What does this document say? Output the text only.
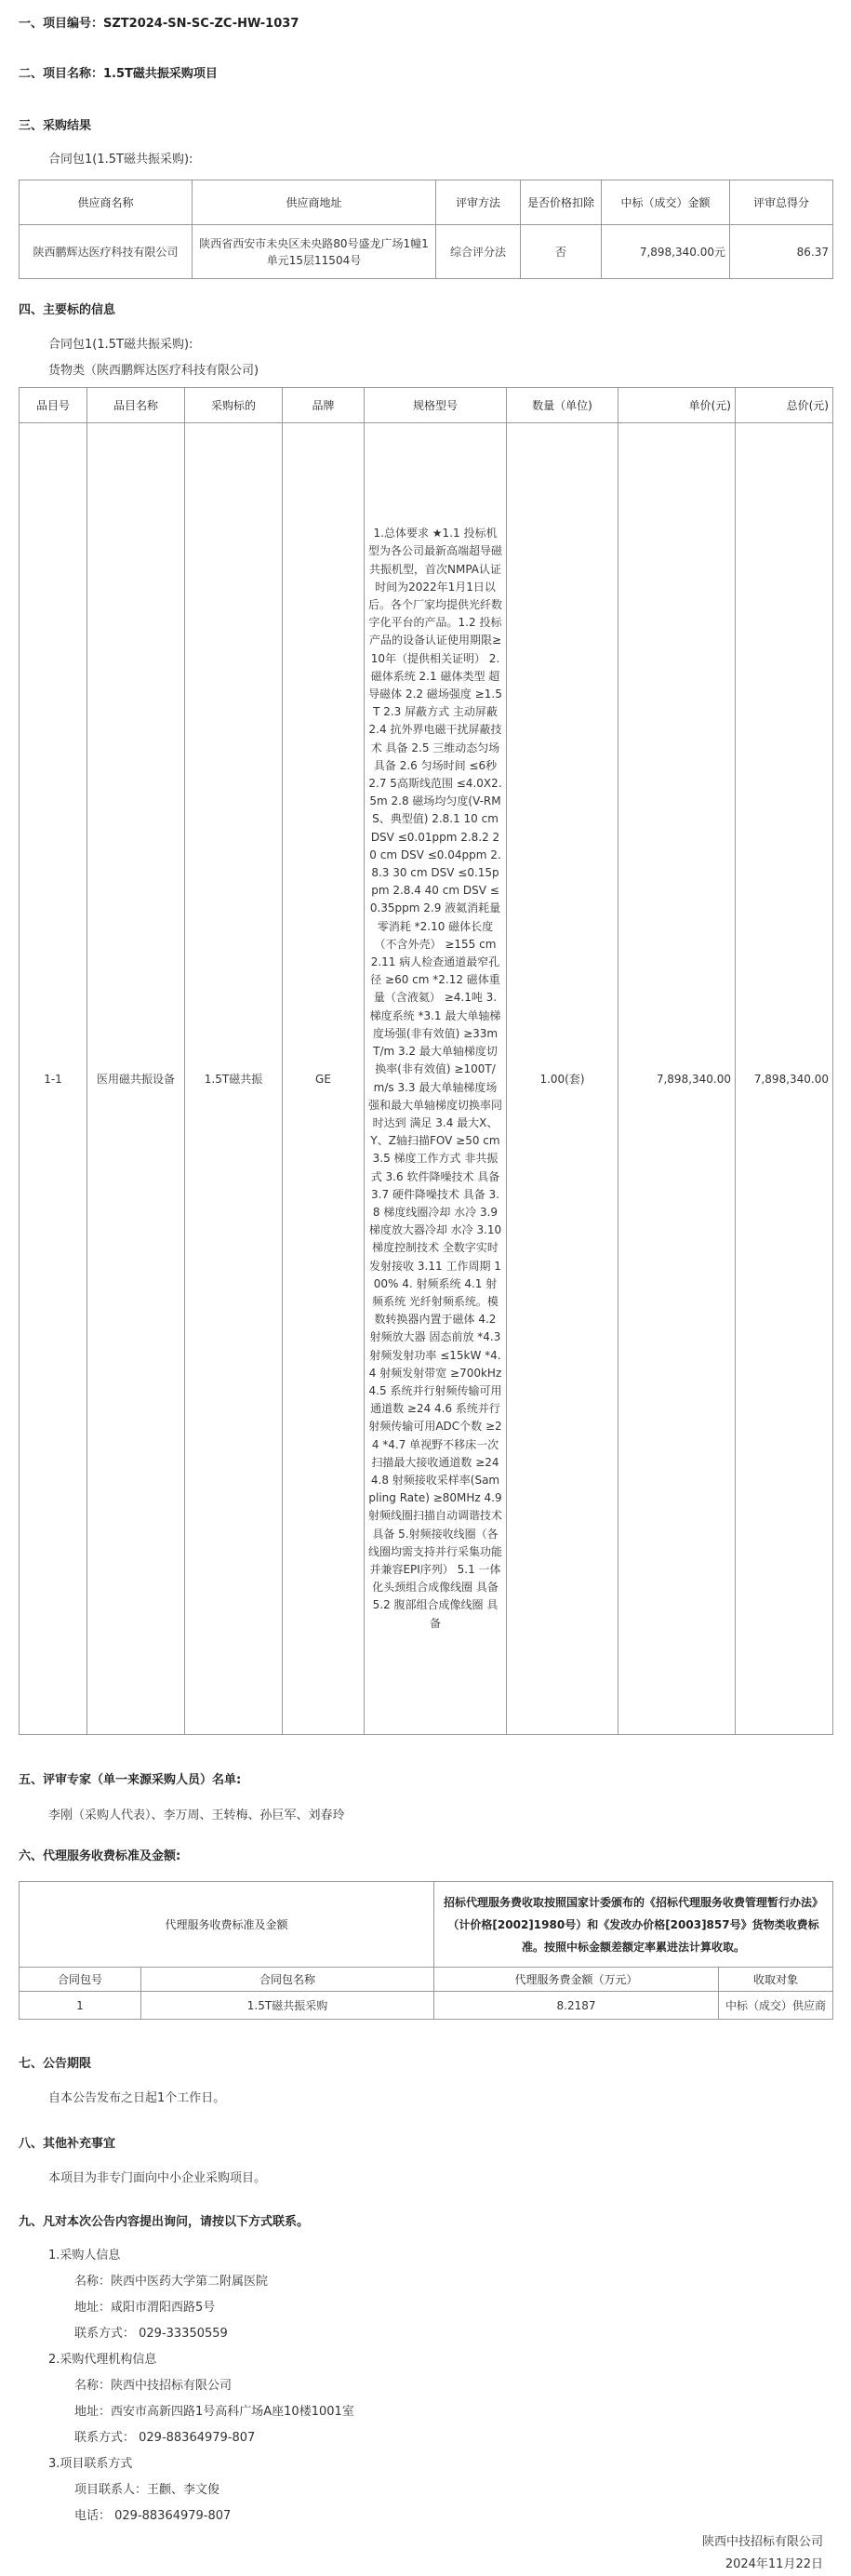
一、项目编号：SZT2024-SN-SC-ZC-HW-1037
二、项目名称：1.5T磁共振采购项目
三、采购结果
合同包1(1.5T磁共振采购):
供应商名称	供应商地址	评审方法	是否价格扣除	中标（成交）金额	评审总得分
陕西鹏辉达医疗科技有限公司	陕西省西安市未央区未央路80号盛龙广场1幢1单元15层11504号	综合评分法	否	7,898,340.00元	86.37
四、主要标的信息
合同包1(1.5T磁共振采购):
货物类（陕西鹏辉达医疗科技有限公司)
品目号	品目名称	采购标的	品牌	规格型号	数量（单位)	单价(元)	总价(元)
1-1	医用磁共振设备	1.5T磁共振	GE	1.总体要求 ★1.1 投标机型为各公司最新高端超导磁共振机型，首次NMPA认证时间为2022年1月1日以后。各个厂家均提供光纤数字化平台的产品。1.2 投标产品的设备认证使用期限≥10年（提供相关证明） 2. 磁体系统 2.1 磁体类型 超导磁体 2.2 磁场强度 ≥1.5T 2.3 屏蔽方式 主动屏蔽 2.4 抗外界电磁干扰屏蔽技术 具备 2.5 三维动态匀场 具备 2.6 匀场时间 ≤6秒 2.7 5高斯线范围 ≤4.0X2.5m 2.8 磁场均匀度(V-RMS、典型值) 2.8.1 10 cm DSV ≤0.01ppm 2.8.2 20 cm DSV ≤0.04ppm 2.8.3 30 cm DSV ≤0.15ppm 2.8.4 40 cm DSV ≤0.35ppm 2.9 液氦消耗量 零消耗 *2.10 磁体长度（不含外壳） ≥155 cm 2.11 病人检查通道最窄孔径 ≥60 cm *2.12 磁体重量（含液氦） ≥4.1吨 3. 梯度系统 *3.1 最大单轴梯度场强(非有效值) ≥33mT/m 3.2 最大单轴梯度切换率(非有效值) ≥100T/m/s 3.3 最大单轴梯度场强和最大单轴梯度切换率同时达到 满足 3.4 最大X、Y、Z轴扫描FOV ≥50 cm 3.5 梯度工作方式 非共振式 3.6 软件降噪技术 具备 3.7 硬件降噪技术 具备 3.8 梯度线圈冷却 水冷 3.9 梯度放大器冷却 水冷 3.10 梯度控制技术 全数字实时发射接收 3.11 工作周期 100% 4. 射频系统 4.1 射频系统 光纤射频系统。模数转换器内置于磁体 4.2 射频放大器 固态前放 *4.3 射频发射功率 ≤15kW *4.4 射频发射带宽 ≥700kHz 4.5 系统并行射频传输可用通道数 ≥24 4.6 系统并行射频传输可用ADC个数 ≥24 *4.7 单视野不移床一次扫描最大接收通道数 ≥24 4.8 射频接收采样率(Sampling Rate) ≥80MHz 4.9 射频线圈扫描自动调谐技术 具备 5.射频接收线圈（各线圈均需支持并行采集功能并兼容EPI序列） 5.1 一体化头颈组合成像线圈 具备 5.2 腹部组合成像线圈 具备	1.00(套)	7,898,340.00	7,898,340.00
五、评审专家（单一来源采购人员）名单:
李刚（采购人代表）、李万周、王转梅、孙巨军、刘春玲
六、代理服务收费标准及金额:
代理服务收费标准及金额		招标代理服务费收取按照国家计委颁布的《招标代理服务收费管理暂行办法》（计价格[2002]1980号）和《发改办价格[2003]857号》货物类收费标准。按照中标金额差额定率累进法计算收取。	
合同包号	合同包名称	代理服务费金额（万元）	收取对象
1	1.5T磁共振采购	8.2187	中标（成交）供应商
七、公告期限
自本公告发布之日起1个工作日。
八、其他补充事宜
本项目为非专门面向中小企业采购项目。
九、凡对本次公告内容提出询问，请按以下方式联系。
1.采购人信息
名称：陕西中医药大学第二附属医院
地址：咸阳市渭阳西路5号
联系方式： 029-33350559
2.采购代理机构信息
名称：陕西中技招标有限公司
地址：西安市高新四路1号高科广场A座10楼1001室
联系方式： 029-88364979-807
3.项目联系方式
项目联系人：王颧、李文俊
电话： 029-88364979-807
陕西中技招标有限公司
2024年11月22日
